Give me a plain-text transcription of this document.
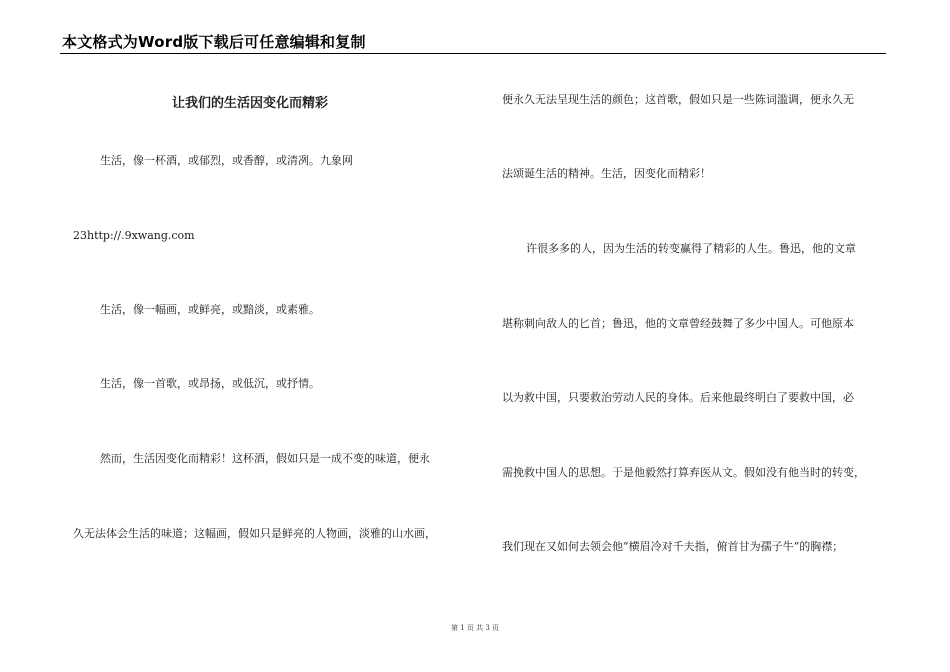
本文格式为Word版下载后可任意编辑和复制
让我们的生活因变化而精彩
生活，像一杯酒，或郁烈，或香醇，或清冽。九象网
23http://.9xwang.com
生活，像一幅画，或鲜亮，或黯淡，或素雅。
生活，像一首歌，或昂扬，或低沉，或抒情。
然而，生活因变化而精彩！这杯酒，假如只是一成不变的味道，便永
久无法体会生活的味道；这幅画，假如只是鲜亮的人物画，淡雅的山水画，
便永久无法呈现生活的颜色；这首歌，假如只是一些陈词滥调，便永久无
法颂诞生活的精神。生活，因变化而精彩！
许很多多的人，因为生活的转变赢得了精彩的人生。鲁迅，他的文章
堪称刺向敌人的匕首；鲁迅，他的文章曾经鼓舞了多少中国人。可他原本
以为救中国，只要救治劳动人民的身体。后来他最终明白了要救中国，必
需挽救中国人的思想。于是他毅然打算弃医从文。假如没有他当时的转变，
我们现在又如何去领会他“横眉冷对千夫指，俯首甘为孺子牛”的胸襟；
第 1 页 共 3 页
